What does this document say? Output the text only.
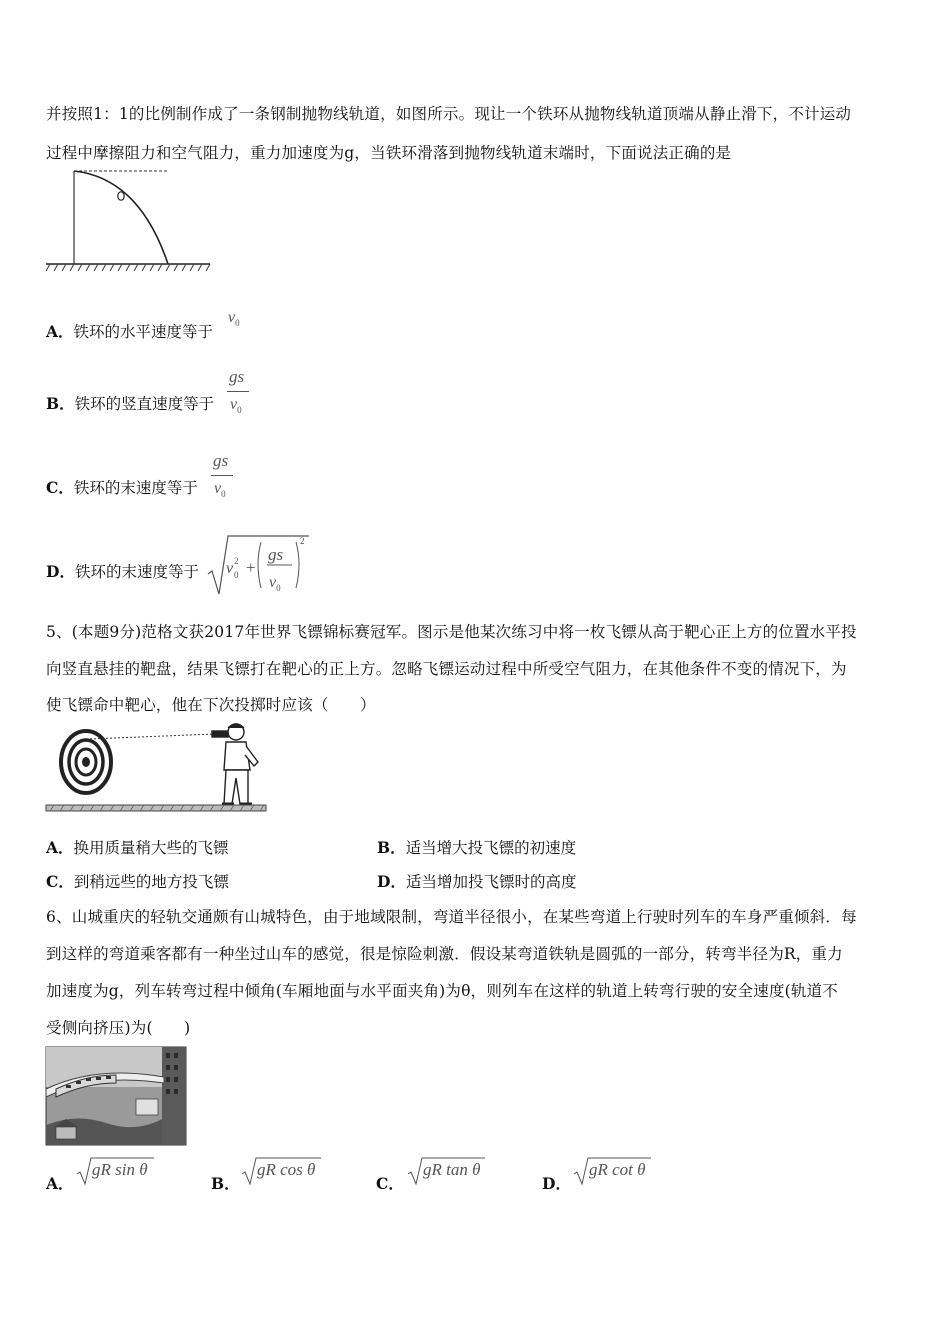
并按照1：1的比例制作成了一条钢制抛物线轨道，如图所示。现让一个铁环从抛物线轨道顶端从静止滑下，不计运动
过程中摩擦阻力和空气阻力，重力加速度为g，当铁环滑落到抛物线轨道末端时，下面说法正确的是
A．铁环的水平速度等于
$v_0$
B．铁环的竖直速度等于
gs
$v_0$
C．铁环的末速度等于
gs
$v_0$
D．铁环的末速度等于 v 2
0 +
gs
$v_0$
2
5、(本题9分)范格文获2017年世界飞镖锦标赛冠军。图示是他某次练习中将一枚飞镖从高于靶心正上方的位置水平投
向竖直悬挂的靶盘，结果飞镖打在靶心的正上方。忽略飞镖运动过程中所受空气阻力，在其他条件不变的情况下，为
使飞镖命中靶心，他在下次投掷时应该（　　）
A．换用质量稍大些的飞镖	B．适当增大投飞镖的初速度
C．到稍远些的地方投飞镖	D．适当增加投飞镖时的高度
6、山城重庆的轻轨交通颇有山城特色，由于地域限制，弯道半径很小，在某些弯道上行驶时列车的车身严重倾斜．每
到这样的弯道乘客都有一种坐过山车的感觉，很是惊险刺激．假设某弯道铁轨是圆弧的一部分，转弯半径为R，重力
加速度为g，列车转弯过程中倾角(车厢地面与水平面夹角)为θ，则列车在这样的轨道上转弯行驶的安全速度(轨道不
受侧向挤压)为(　　)
A．
gR sin θ
B．
gR cos θ
C．
gR tan θ
D．
gR cot θ
